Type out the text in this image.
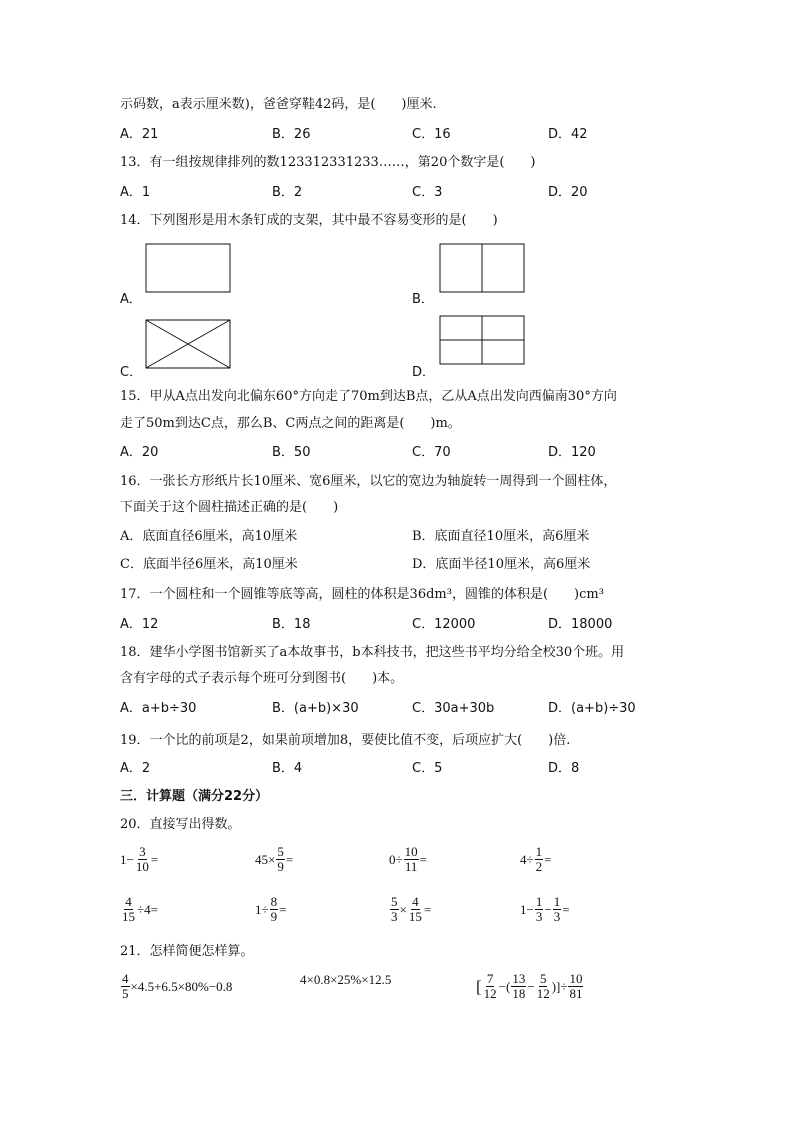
示码数，a表示厘米数)，爸爸穿鞋42码，是(　　)厘米.
A．21	B．26	C．16	D．42
13．有一组按规律排列的数123312331233……，第20个数字是(　　)
A．1	B．2	C．3	D．20
14．下列图形是用木条钉成的支架，其中最不容易变形的是(　　)
A．	B．
C．	D．
15．甲从A点出发向北偏东60°方向走了70m到达B点，乙从A点出发向西偏南30°方向
走了50m到达C点，那么B、C两点之间的距离是(　　)m。
A．20	B．50	C．70	D．120
16．一张长方形纸片长10厘米、宽6厘米，以它的宽边为轴旋转一周得到一个圆柱体，
下面关于这个圆柱描述正确的是(　　)
A．底面直径6厘米，高10厘米	B．底面直径10厘米，高6厘米
C．底面半径6厘米，高10厘米	D．底面半径10厘米，高6厘米
17．一个圆柱和一个圆锥等底等高，圆柱的体积是36dm³，圆锥的体积是(　　)cm³
A．12	B．18	C．12000	D．18000
18．建华小学图书馆新买了a本故事书，b本科技书，把这些书平均分给全校30个班。用
含有字母的式子表示每个班可分到图书(　　)本。
A．a+b÷30	B．(a+b)×30	C．30a+30b	D．(a+b)÷30
19．一个比的前项是2，如果前项增加8，要使比值不变，后项应扩大(　　)倍.
A．2	B．4	C．5	D．8
三．计算题（满分22分）
20．直接写出得数。
$1- \frac{3}{10}$ =	$45\times \frac{5}{9}$ =	$0\div \frac{10}{11}$ =	$4\div \frac{1}{2}$ =
$\frac{4}{15} \div 4=$	$1\div \frac{8}{9}$ =	$\frac{5}{3} \times \frac{4}{15}$ =	$1- \frac{1}{3} - \frac{1}{3}$ =
21．怎样简便怎样算。
$\frac{4}{5} \times 4.5+6.5\times 80\%-0.8$	4×0.8×25%×12.5	[ $\frac{7}{12}$ −( $\frac{13}{18} - \frac{5}{12}$ )]÷ $\frac{10}{81}$
